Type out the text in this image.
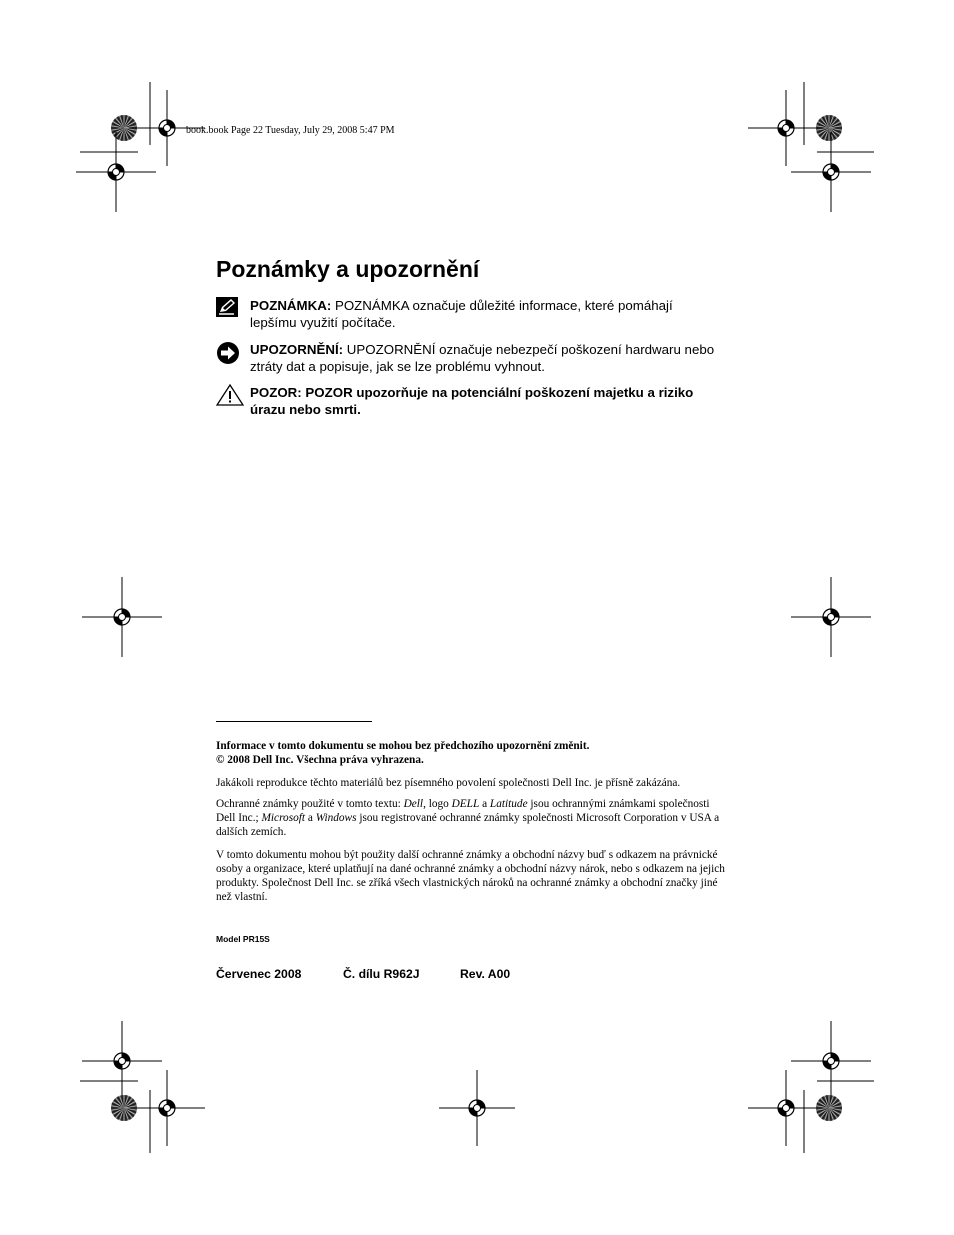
book.book Page 22 Tuesday, July 29, 2008 5:47 PM
Poznámky a upozornění
POZNÁMKA: POZNÁMKA označuje důležité informace, které pomáhají lepšímu využití počítače.
UPOZORNĚNÍ: UPOZORNĚNÍ označuje nebezpečí poškození hardwaru nebo ztráty dat a popisuje, jak se lze problému vyhnout.
POZOR: POZOR upozorňuje na potenciální poškození majetku a riziko úrazu nebo smrti.

Informace v tomto dokumentu se mohou bez předchozího upozornění změnit.

© 2008 Dell Inc. Všechna práva vyhrazena.

Jakákoli reprodukce těchto materiálů bez písemného povolení společnosti Dell Inc. je přísně zakázána.

Ochranné známky použité v tomto textu: Dell, logo DELL a Latitude jsou ochrannými známkami společnosti Dell Inc.; Microsoft a Windows jsou registrované ochranné známky společnosti Microsoft Corporation v USA a dalších zemích.

V tomto dokumentu mohou být použity další ochranné známky a obchodní názvy buď s odkazem na právnické osoby a organizace, které uplatňují na dané ochranné známky a obchodní názvy nárok, nebo s odkazem na jejich produkty. Společnost Dell Inc. se zříká všech vlastnických nároků na ochranné známky a obchodní značky jiné než vlastní.

Model PR15S
Červenec 2008	Č. dílu R962J	Rev. A00
